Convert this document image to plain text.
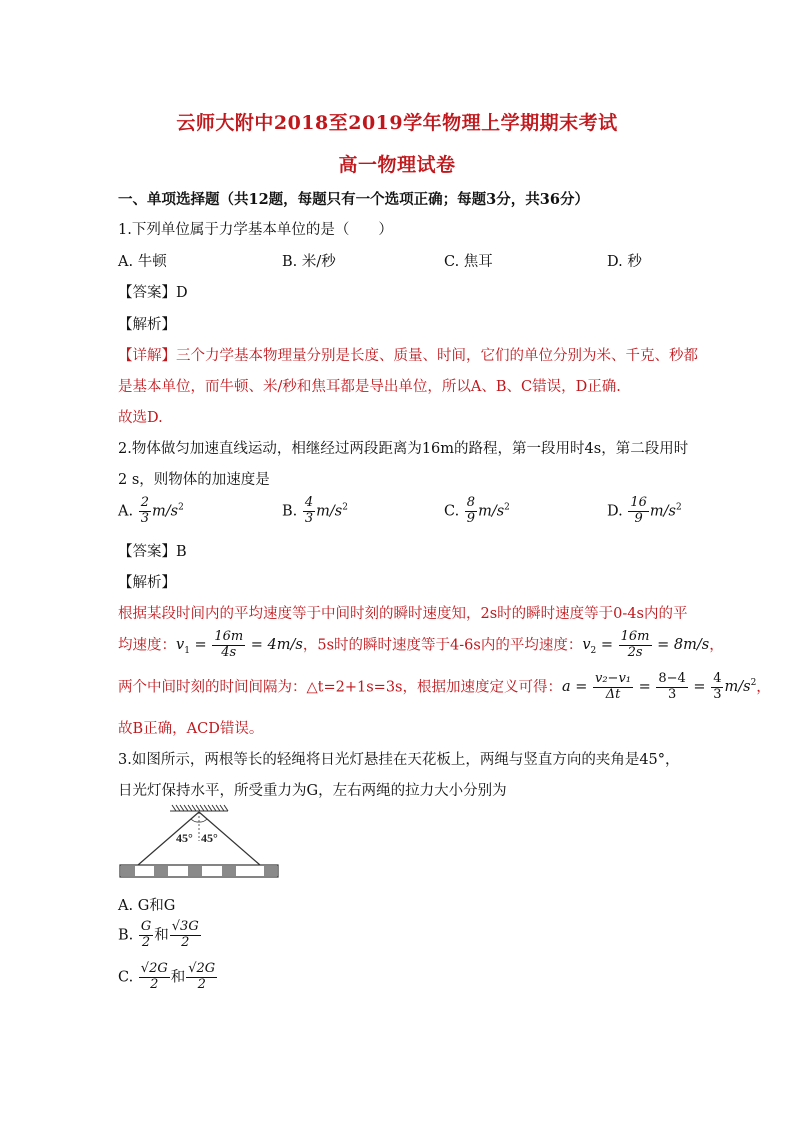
云师大附中2018至2019学年物理上学期期末考试
高一物理试卷
一、单项选择题（共12题，每题只有一个选项正确；每题3分，共36分）
1.下列单位属于力学基本单位的是（　　）
A. 牛顿	B. 米/秒	C. 焦耳	D. 秒
【答案】D
【解析】
【详解】三个力学基本物理量分别是长度、质量、时间，它们的单位分别为米、千克、秒都
是基本单位，而牛顿、米/秒和焦耳都是导出单位，所以A、B、C错误，D正确.
故选D.
2.物体做匀加速直线运动，相继经过两段距离为16m的路程，第一段用时4s，第二段用时
2 s，则物体的加速度是
A. $\frac{2}{3} m/s^2$	B. $\frac{4}{3} m/s^2$	C. $\frac{8}{9} m/s^2$	D. $\frac{16}{9} m/s^2$
【答案】B
【解析】
根据某段时间内的平均速度等于中间时刻的瞬时速度知，2s时的瞬时速度等于0-4s内的平
均速度：$v_1 = \frac{16m}{4s} = 4m/s$，5s时的瞬时速度等于4-6s内的平均速度：$v_2 = \frac{16m}{2s} = 8m/s$，
两个中间时刻的时间间隔为：△t=2+1s=3s，根据加速度定义可得：$a = \frac{\text{v₂−v₁}}{\Delta t} = \frac{8-4}{3} = \frac{4}{3} m/s^2$，
故B正确，ACD错误。
3.如图所示，两根等长的轻绳将日光灯悬挂在天花板上，两绳与竖直方向的夹角是45°，
日光灯保持水平，所受重力为G，左右两绳的拉力大小分别为
45° 45°
A. G和G
B. $\frac{G}{2}$ 和 $\frac{√3G}{2}$
C. $\frac{√2G}{2}$ 和 $\frac{√2G}{2}$
